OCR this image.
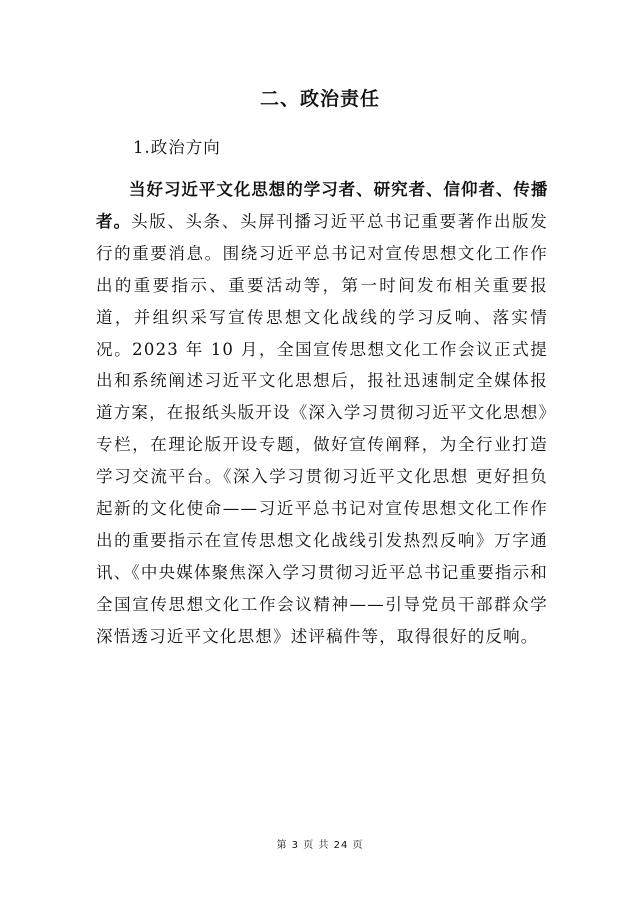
二、政治责任
1.政治方向

当好习近平文化思想的学习者、研究者、信仰者、传播者。头版、头条、头屏刊播习近平总书记重要著作出版发行的重要消息。围绕习近平总书记对宣传思想文化工作作出的重要指示、重要活动等，第一时间发布相关重要报道，并组织采写宣传思想文化战线的学习反响、落实情况。2023 年 10 月，全国宣传思想文化工作会议正式提出和系统阐述习近平文化思想后，报社迅速制定全媒体报道方案，在报纸头版开设《深入学习贯彻习近平文化思想》专栏，在理论版开设专题，做好宣传阐释，为全行业打造学习交流平台。《深入学习贯彻习近平文化思想 更好担负起新的文化使命——习近平总书记对宣传思想文化工作作出的重要指示在宣传思想文化战线引发热烈反响》万字通讯、《中央媒体聚焦深入学习贯彻习近平总书记重要指示和全国宣传思想文化工作会议精神——引导党员干部群众学深悟透习近平文化思想》述评稿件等，取得很好的反响。

第 3 页 共 24 页
